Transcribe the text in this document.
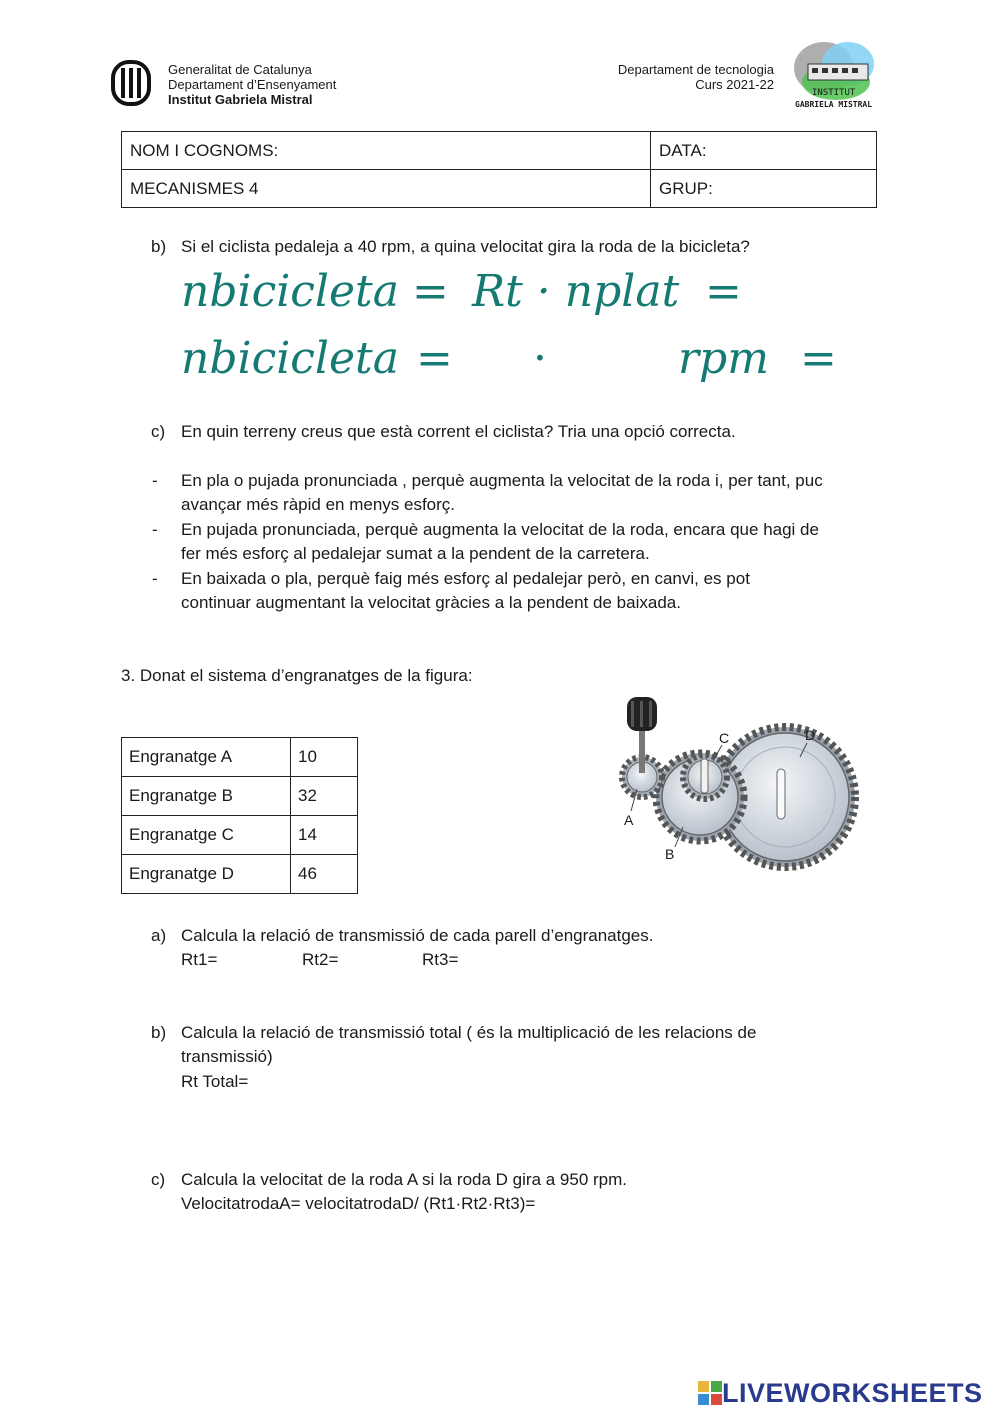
Generalitat de Catalunya
Departament d’Ensenyament
Institut Gabriela Mistral
Departament de tecnologia
Curs 2021-22
INSTITUT
GABRIELA MISTRAL
NOM I COGNOMS:	DATA:
MECANISMES 4	GRUP:
b) Si el ciclista pedaleja a 40 rpm, a quina velocitat gira la roda de la bicicleta?
nbicicleta = Rt · nplat =
nbicicleta = ·	rpm =
c) En quin terreny creus que està corrent el ciclista? Tria una opció correcta.
- En pla o pujada pronunciada , perquè augmenta la velocitat de la roda i, per tant, puc
avançar més ràpid en menys esforç.
- En pujada pronunciada, perquè augmenta la velocitat de la roda, encara que hagi de
fer més esforç al pedalejar sumat a la pendent de la carretera.
- En baixada o pla, perquè faig més esforç al pedalejar però, en canvi, es pot
continuar augmentant la velocitat gràcies a la pendent de baixada.
3. Donat el sistema d’engranatges de la figura:
Engranatge A	10
Engranatge B	32
Engranatge C	14
Engranatge D	46
A
B
C	D
a) Calcula la relació de transmissió de cada parell d’engranatges.
Rt1=	Rt2=	Rt3=
b) Calcula la relació de transmissió total ( és la multiplicació de les relacions de
transmissió)
Rt Total=
c) Calcula la velocitat de la roda A si la roda D gira a 950 rpm.
VelocitatrodaA= velocitatrodaD/ (Rt1·Rt2·Rt3)=
LIVEWORKSHEETS
